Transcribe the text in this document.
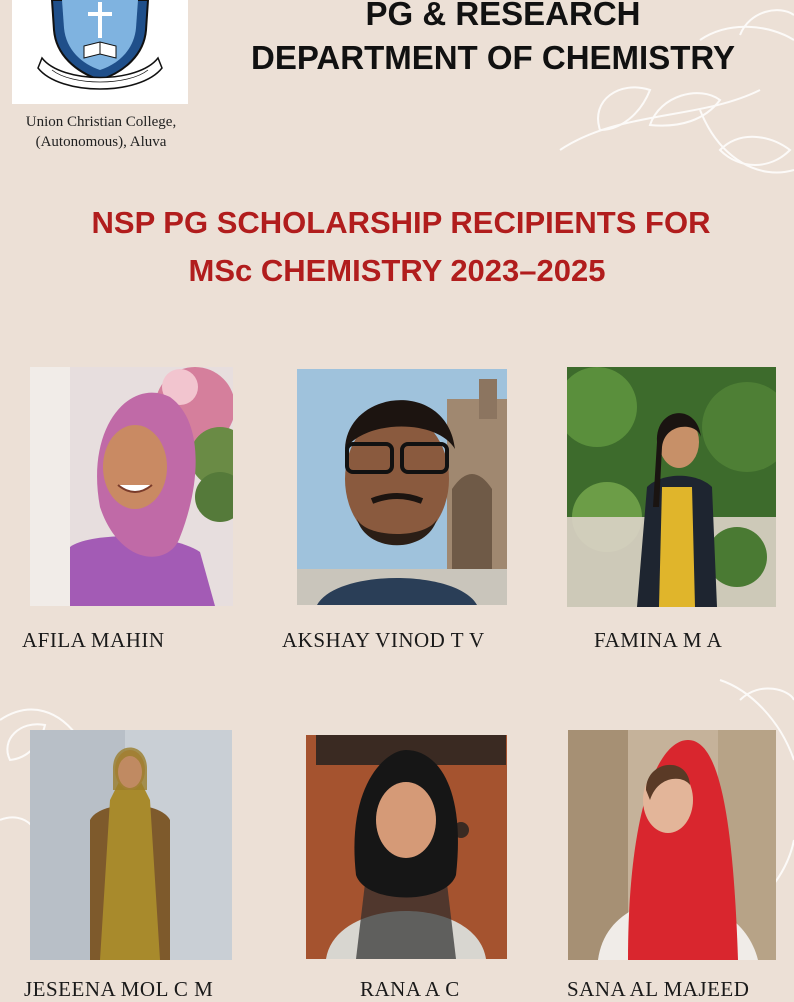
Union Christian College,
(Autonomous), Aluva
PG & RESEARCH
DEPARTMENT OF CHEMISTRY
NSP PG SCHOLARSHIP RECIPIENTS FOR
MSc CHEMISTRY 2023–2025
AFILA MAHIN	AKSHAY VINOD T V	FAMINA M A
JESEENA MOL C M	RANA A C	SANA AL MAJEED
